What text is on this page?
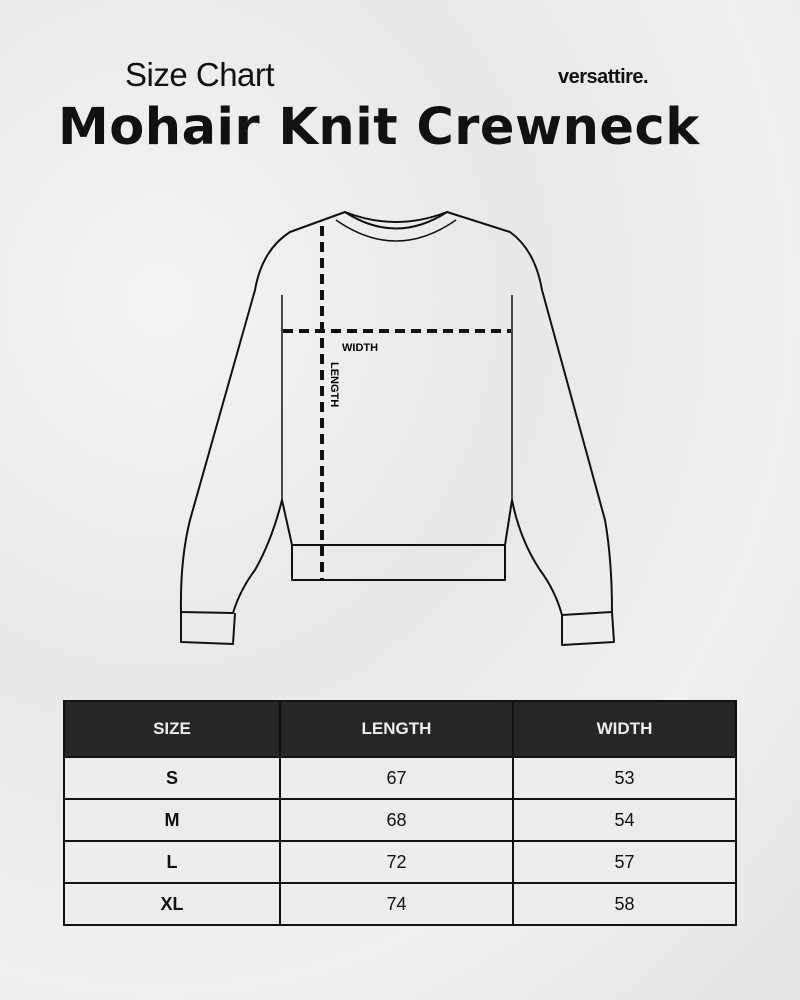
Size Chart	versattire.
Mohair Knit Crewneck
WIDTH
LENGTH
SIZE	LENGTH	WIDTH
S	67	53
M	68	54
L	72	57
XL	74	58
